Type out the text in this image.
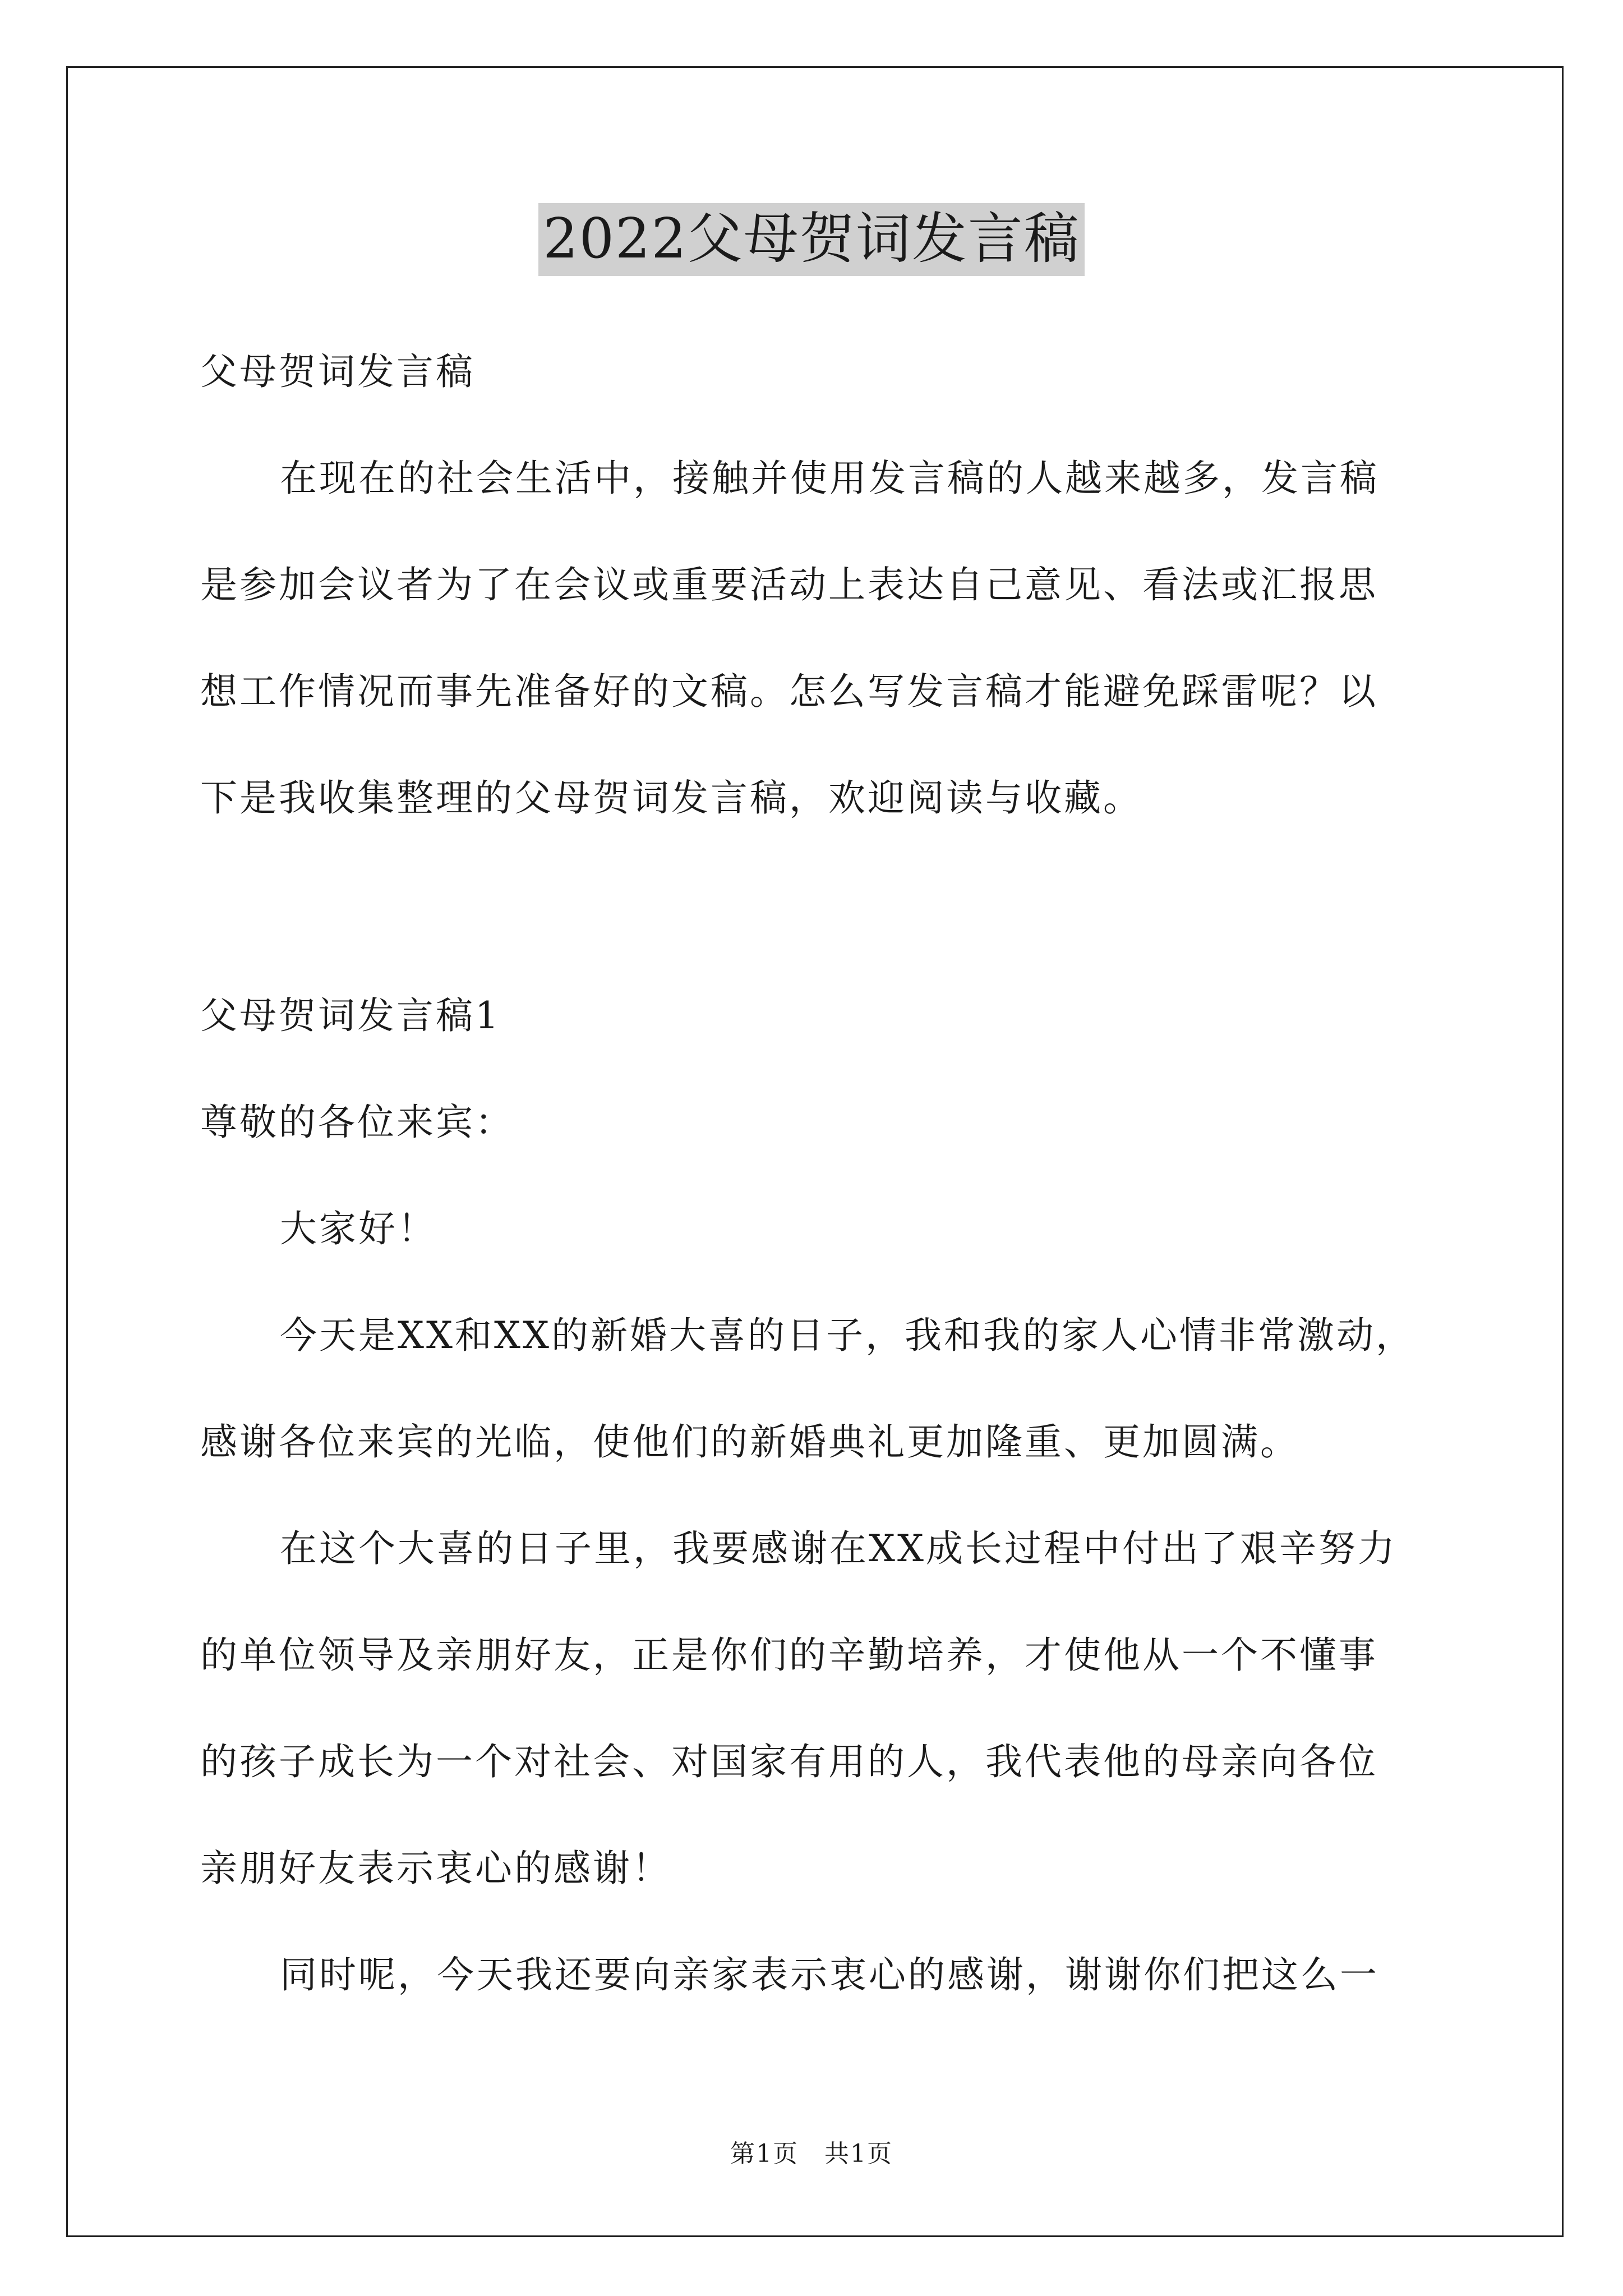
2022父母贺词发言稿
父母贺词发言稿
在现在的社会生活中，接触并使用发言稿的人越来越多，发言稿
是参加会议者为了在会议或重要活动上表达自己意见、看法或汇报思
想工作情况而事先准备好的文稿。怎么写发言稿才能避免踩雷呢？以
下是我收集整理的父母贺词发言稿，欢迎阅读与收藏。
父母贺词发言稿1
尊敬的各位来宾：
大家好！
今天是XX和XX的新婚大喜的日子，我和我的家人心情非常激动，
感谢各位来宾的光临，使他们的新婚典礼更加隆重、更加圆满。
在这个大喜的日子里，我要感谢在XX成长过程中付出了艰辛努力
的单位领导及亲朋好友，正是你们的辛勤培养，才使他从一个不懂事
的孩子成长为一个对社会、对国家有用的人，我代表他的母亲向各位
亲朋好友表示衷心的感谢！
同时呢，今天我还要向亲家表示衷心的感谢，谢谢你们把这么一
第1页　共1页
